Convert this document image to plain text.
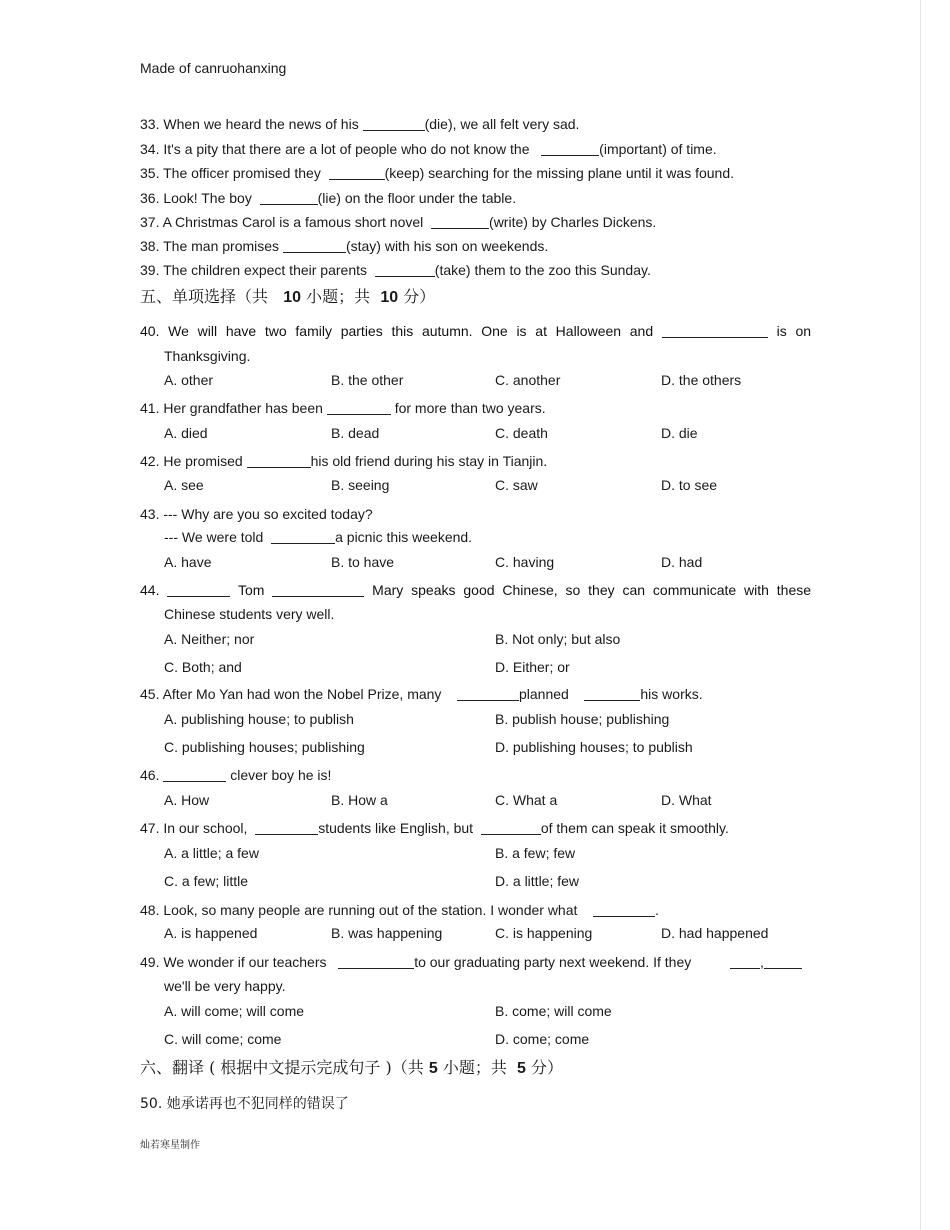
Made of canruohanxing
33. When we heard the news of his	(die), we all felt very sad.
34. It's a pity that there are a lot of people who do not know the	(important) of time.
35. The officer promised they	(keep) searching for the missing plane until it was found.
36. Look! The boy	(lie) on the floor under the table.
37. A Christmas Carol is a famous short novel	(write) by Charles Dickens.
38. The man promises	(stay) with his son on weekends.
39. The children expect their parents	(take) them to the zoo this Sunday.
五、单项选择（共 10 小题；共 10 分）
40. We will have two family parties this autumn. One is at Halloween and	is on
Thanksgiving.
A. other	B. the other	C. another	D. the others
41. Her grandfather has been	for more than two years.
A. died	B. dead	C. death	D. die
42. He promised	his old friend during his stay in Tianjin.
A. see	B. seeing	C. saw	D. to see
43. --- Why are you so excited today?
--- We were told	a picnic this weekend.
A. have	B. to have	C. having	D. had
44.	Tom	Mary speaks good Chinese, so they can communicate with these
Chinese students very well.
A. Neither; nor	B. Not only; but also
C. Both; and	D. Either; or
45. After Mo Yan had won the Nobel Prize, many	planned	his works.
A. publishing house; to publish	B. publish house; publishing
C. publishing houses; publishing	D. publishing houses; to publish
46.	clever boy he is!
A. How	B. How a	C. What a	D. What
47. In our school,	students like English, but	of them can speak it smoothly.
A. a little; a few	B. a few; few
C. a few; little	D. a little; few
48. Look, so many people are running out of the station. I wonder what	.
A. is happened	B. was happening	C. is happening	D. had happened
49. We wonder if our teachers	to our graduating party next weekend. If they	,
we'll be very happy.
A. will come; will come	B. come; will come
C. will come; come	D. come; come
六、翻译 ( 根据中文提示完成句子 )（共 5 小题；共 5 分）
50. 她承诺再也不犯同样的错误了
灿若寒星制作
